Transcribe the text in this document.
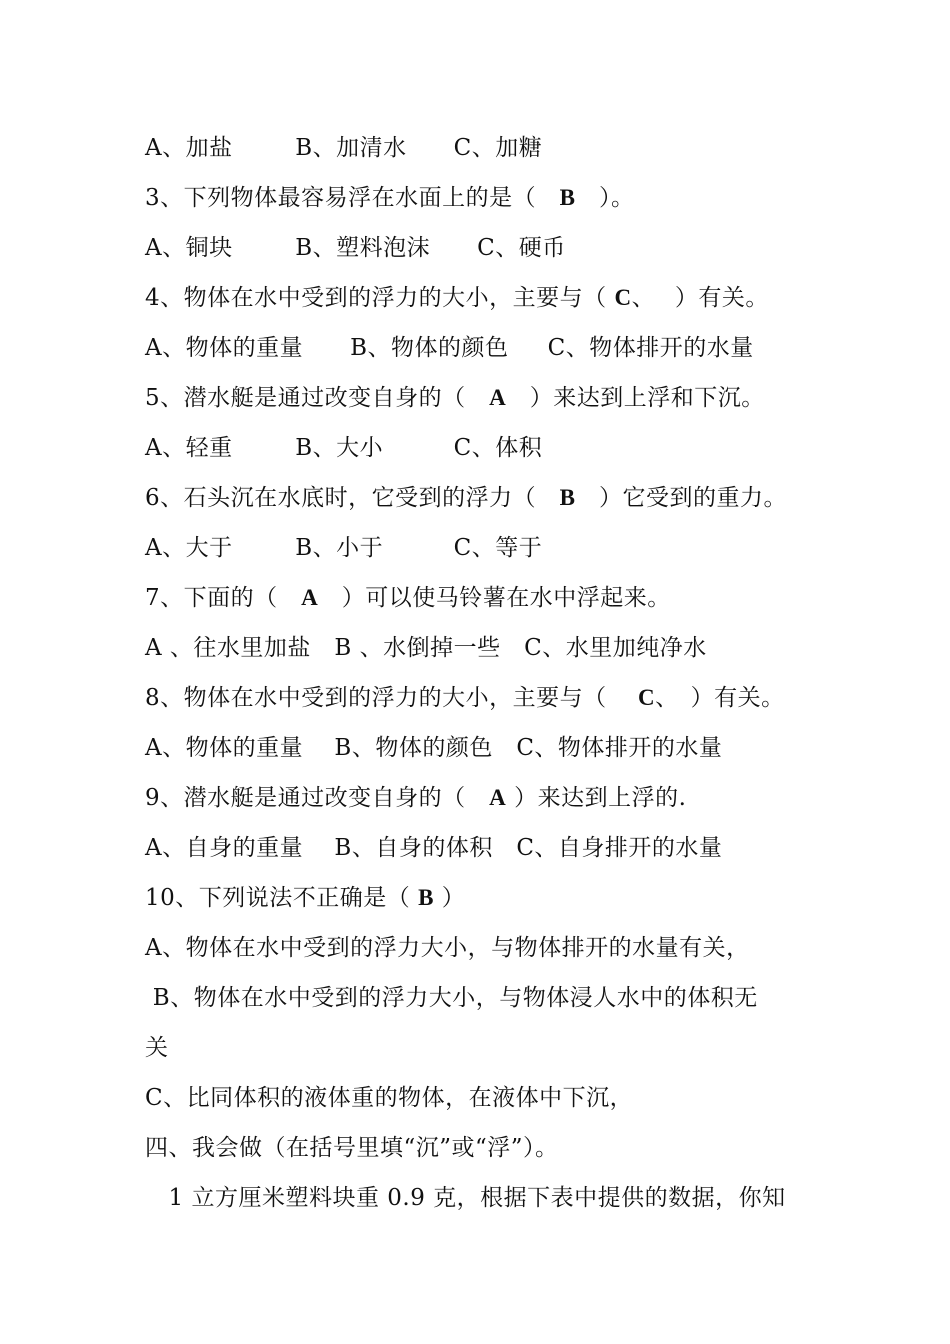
A、加盐　　  B、加清水　　C、加糖
3、下列物体最容易浮在水面上的是（　B　）。
A、铜块　　  B、塑料泡沫　　C、硬币
4、物体在水中受到的浮力的大小，主要与（ C、　 ）有关。
A、物体的重量　　B、物体的颜色　  C、物体排开的水量
5、潜水艇是通过改变自身的（　A　）来达到上浮和下沉。
A、轻重　　  B、大小　　　C、体积
6、石头沉在水底时，它受到的浮力（　B　）它受到的重力。
A、大于　　  B、小于　　　C、等于
7、下面的（　A　）可以使马铃薯在水中浮起来。
A 、往水里加盐　B 、水倒掉一些　C、水里加纯净水
8、物体在水中受到的浮力的大小，主要与（　 C、　）有关。
A、物体的重量　 B、物体的颜色　C、物体排开的水量
9、潜水艇是通过改变自身的（　A ）来达到上浮的.
A、自身的重量　 B、自身的体积　C、自身排开的水量
10、下列说法不正确是（ B ）
A、物体在水中受到的浮力大小，与物体排开的水量有关，
B、物体在水中受到的浮力大小，与物体浸人水中的体积无
关
C、比同体积的液体重的物体，在液体中下沉，
四、我会做（在括号里填“沉”或“浮”）。
　1 立方厘米塑料块重 0.9 克，根据下表中提供的数据，你知
